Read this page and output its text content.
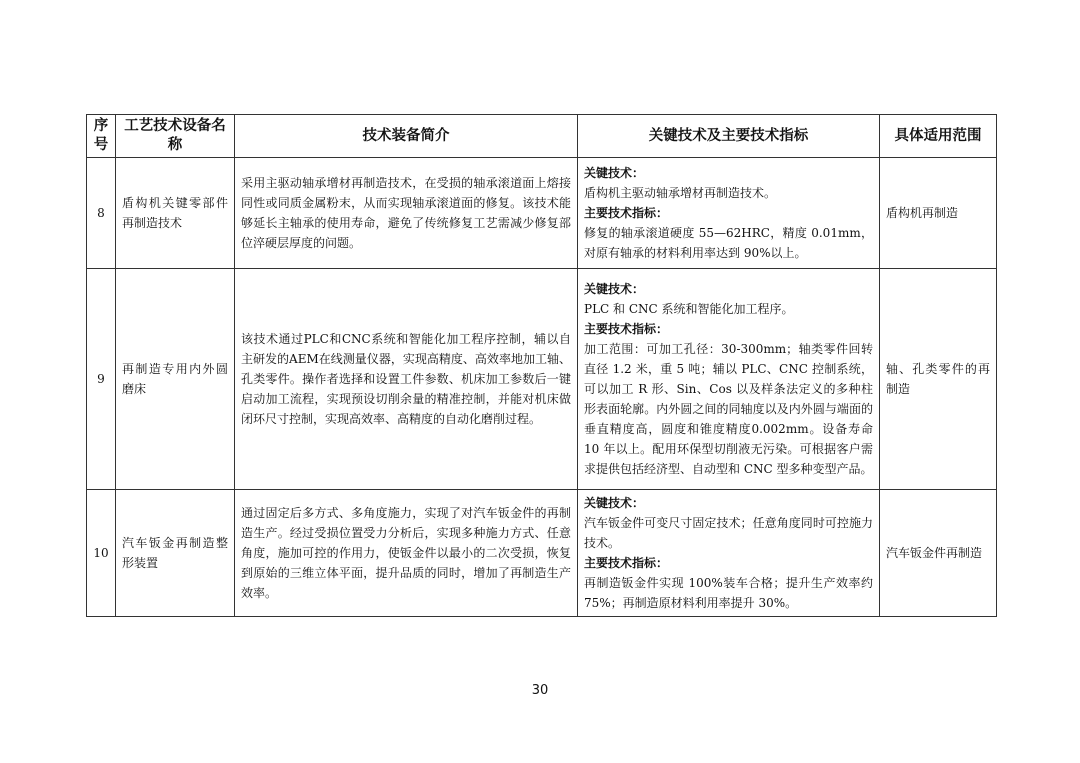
序号	工艺技术设备名称	技术装备简介	关键技术及主要技术指标	具体适用范围
8	盾构机关键零部件再制造技术	采用主驱动轴承增材再制造技术，在受损的轴承滚道面上熔接同性或同质金属粉末，从而实现轴承滚道面的修复。该技术能够延长主轴承的使用寿命，避免了传统修复工艺需减少修复部位淬硬层厚度的问题。	关键技术：
盾构机主驱动轴承增材再制造技术。
主要技术指标：
修复的轴承滚道硬度 55—62HRC，精度 0.01mm，对原有轴承的材料利用率达到 90%以上。	盾构机再制造
9	再制造专用内外圆磨床	该技术通过PLC和CNC系统和智能化加工程序控制，辅以自主研发的AEM在线测量仪器，实现高精度、高效率地加工轴、孔类零件。操作者选择和设置工件参数、机床加工参数后一键启动加工流程，实现预设切削余量的精准控制，并能对机床做闭环尺寸控制，实现高效率、高精度的自动化磨削过程。	关键技术：
PLC 和 CNC 系统和智能化加工程序。
主要技术指标：
加工范围：可加工孔径：30-300mm；轴类零件回转直径 1.2 米，重 5 吨；辅以 PLC、CNC 控制系统，可以加工 R 形、Sin、Cos 以及样条法定义的多种柱形表面轮廓。内外圆之间的同轴度以及内外圆与端面的垂直精度高，圆度和锥度精度0.002mm。设备寿命 10 年以上。配用环保型切削液无污染。可根据客户需求提供包括经济型、自动型和 CNC 型多种变型产品。	轴、孔类零件的再制造
10	汽车钣金再制造整形装置	通过固定后多方式、多角度施力，实现了对汽车钣金件的再制造生产。经过受损位置受力分析后，实现多种施力方式、任意角度，施加可控的作用力，使钣金件以最小的二次受损，恢复到原始的三维立体平面，提升品质的同时，增加了再制造生产效率。	关键技术：
汽车钣金件可变尺寸固定技术；任意角度同时可控施力技术。
主要技术指标：
再制造钣金件实现 100%装车合格；提升生产效率约 75%；再制造原材料利用率提升 30%。	汽车钣金件再制造
30
